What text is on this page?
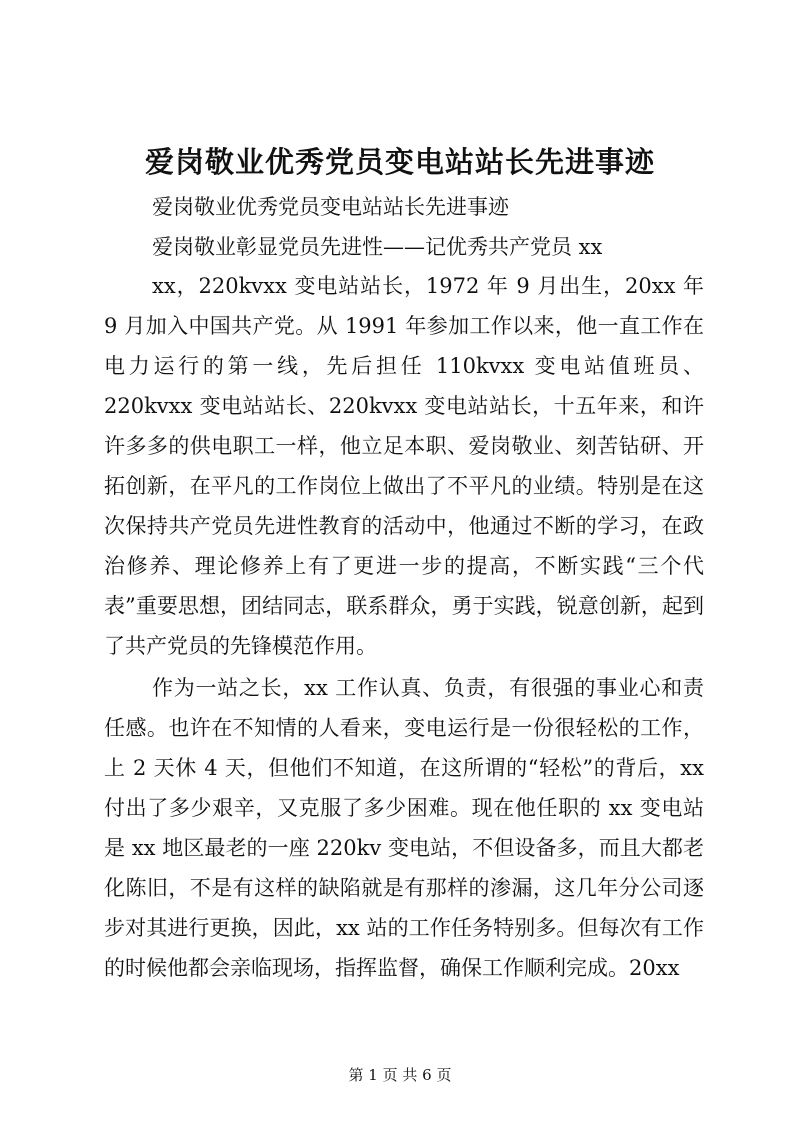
爱岗敬业优秀党员变电站站长先进事迹

爱岗敬业优秀党员变电站站长先进事迹

爱岗敬业彰显党员先进性——记优秀共产党员 xx

xx，220kvxx 变电站站长，1972 年 9 月出生，20xx 年 9 月加入中国共产党。从 1991 年参加工作以来，他一直工作在电力运行的第一线，先后担任 110kvxx 变电站值班员、220kvxx 变电站站长、220kvxx 变电站站长，十五年来，和许许多多的供电职工一样，他立足本职、爱岗敬业、刻苦钻研、开拓创新，在平凡的工作岗位上做出了不平凡的业绩。特别是在这次保持共产党员先进性教育的活动中，他通过不断的学习，在政治修养、理论修养上有了更进一步的提高，不断实践“三个代表”重要思想，团结同志，联系群众，勇于实践，锐意创新，起到了共产党员的先锋模范作用。

作为一站之长，xx 工作认真、负责，有很强的事业心和责任感。也许在不知情的人看来，变电运行是一份很轻松的工作，上 2 天休 4 天，但他们不知道，在这所谓的“轻松”的背后，xx 付出了多少艰辛，又克服了多少困难。现在他任职的 xx 变电站是 xx 地区最老的一座 220kv 变电站，不但设备多，而且大都老化陈旧，不是有这样的缺陷就是有那样的渗漏，这几年分公司逐步对其进行更换，因此，xx 站的工作任务特别多。但每次有工作的时候他都会亲临现场，指挥监督，确保工作顺利完成。20xx

第 1 页 共 6 页
